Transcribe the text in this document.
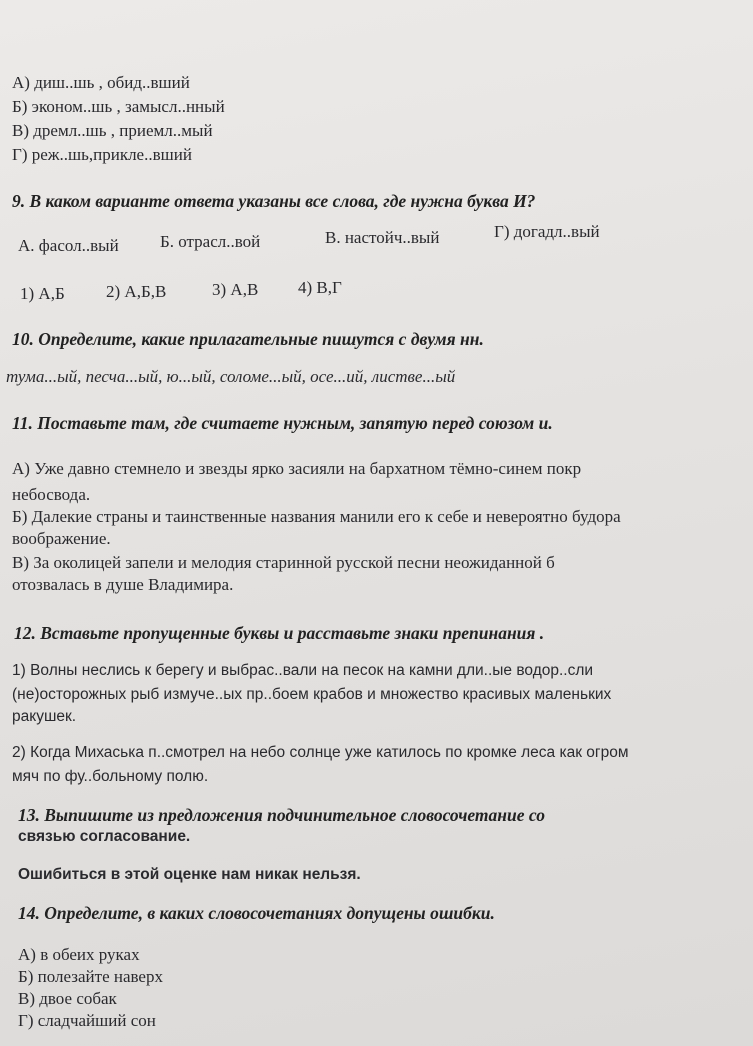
А) диш..шь , обид..вший
Б) эконом..шь , замысл..нный
В) дремл..шь , приемл..мый
Г) реж..шь,прикле..вший
9. В каком варианте ответа указаны все слова, где нужна буква И?
А. фасол..вый Б. отрасл..вой	В. настойч..вый	Г) догадл..вый
1) А,Б 2) А,Б,В	3) А,В 4) В,Г
10. Определите, какие прилагательные пишутся с двумя нн.
тума...ый, песча...ый, ю...ый, соломе...ый, осе...ий, листве...ый
11. Поставьте там, где считаете нужным, запятую перед союзом и.
А) Уже давно стемнело и звезды ярко засияли на бархатном тёмно-синем покр
небосвода.
Б) Далекие страны и таинственные названия манили его к себе и невероятно будора
воображение.
В) За околицей запели и мелодия старинной русской песни неожиданной б
отозвалась в душе Владимира.
12. Вставьте пропущенные буквы и расставьте знаки препинания .
1) Волны неслись к берегу и выбрас..вали на песок на камни дли..ые водор..сли
(не)осторожных рыб измуче..ых пр..боем крабов и множество красивых маленьких
ракушек.
2) Когда Михаська п..смотрел на небо солнце уже катилось по кромке леса как огром
мяч по фу..больному полю.
13. Выпишите из предложения подчинительное словосочетание со
связью согласование.
Ошибиться в этой оценке нам никак нельзя.
14. Определите, в каких словосочетаниях допущены ошибки.
А) в обеих руках
Б) полезайте наверх
В) двое собак
Г) сладчайший сон
